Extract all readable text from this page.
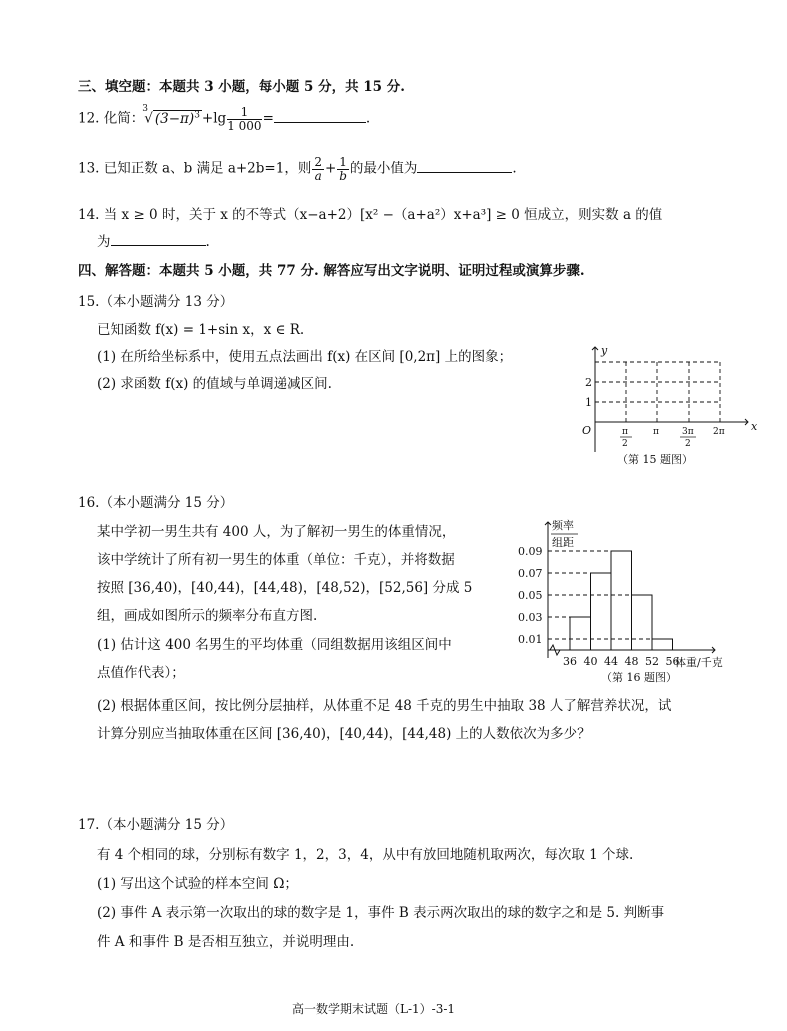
三、填空题：本题共 3 小题，每小题 5 分，共 15 分.
12. 化简：
3
√ $(3-\pi)^3 +\lg \frac{1}{1 000}$ =	.
13. 已知正数 a、b 满足 a+2b=1，则 $\frac{2}{a} + \frac{1}{b}$ 的最小值为	.
14. 当 x ≥ 0 时，关于 x 的不等式（x−a+2）[x² −（a+a²）x+a³] ≥ 0 恒成立，则实数 a 的值
为	.
四、解答题：本题共 5 小题，共 77 分. 解答应写出文字说明、证明过程或演算步骤.
15.（本小题满分 13 分）
已知函数 f(x) = 1+sin x，x ∈ R.
(1) 在所给坐标系中，使用五点法画出 f(x) 在区间 [0,2π] 上的图象；
(2) 求函数 f(x) 的值域与单调递减区间.
y
x
O
1
2
π
2
π	3π
2
2π
（第 15 题图）
16.（本小题满分 15 分）
某中学初一男生共有 400 人，为了解初一男生的体重情况，
该中学统计了所有初一男生的体重（单位：千克），并将数据
按照 [36,40)，[40,44)，[44,48)，[48,52)，[52,56] 分成 5
组，画成如图所示的频率分布直方图.
(1) 估计这 400 名男生的平均体重（同组数据用该组区间中
点值作代表）；
(2) 根据体重区间，按比例分层抽样，从体重不足 48 千克的男生中抽取 38 人了解营养状况，试
计算分别应当抽取体重在区间 [36,40)，[40,44)，[44,48) 上的人数依次为多少？
频率
组距
体重/千克
（第 16 题图）
0.01
0.03
0.05
0.07
0.09
36 40 44 48 52 56
17.（本小题满分 15 分）
有 4 个相同的球，分别标有数字 1，2，3，4，从中有放回地随机取两次，每次取 1 个球.
(1) 写出这个试验的样本空间 Ω；
(2) 事件 A 表示第一次取出的球的数字是 1，事件 B 表示两次取出的球的数字之和是 5. 判断事
件 A 和事件 B 是否相互独立，并说明理由.
高一数学期末试题（L-1）-3-1
